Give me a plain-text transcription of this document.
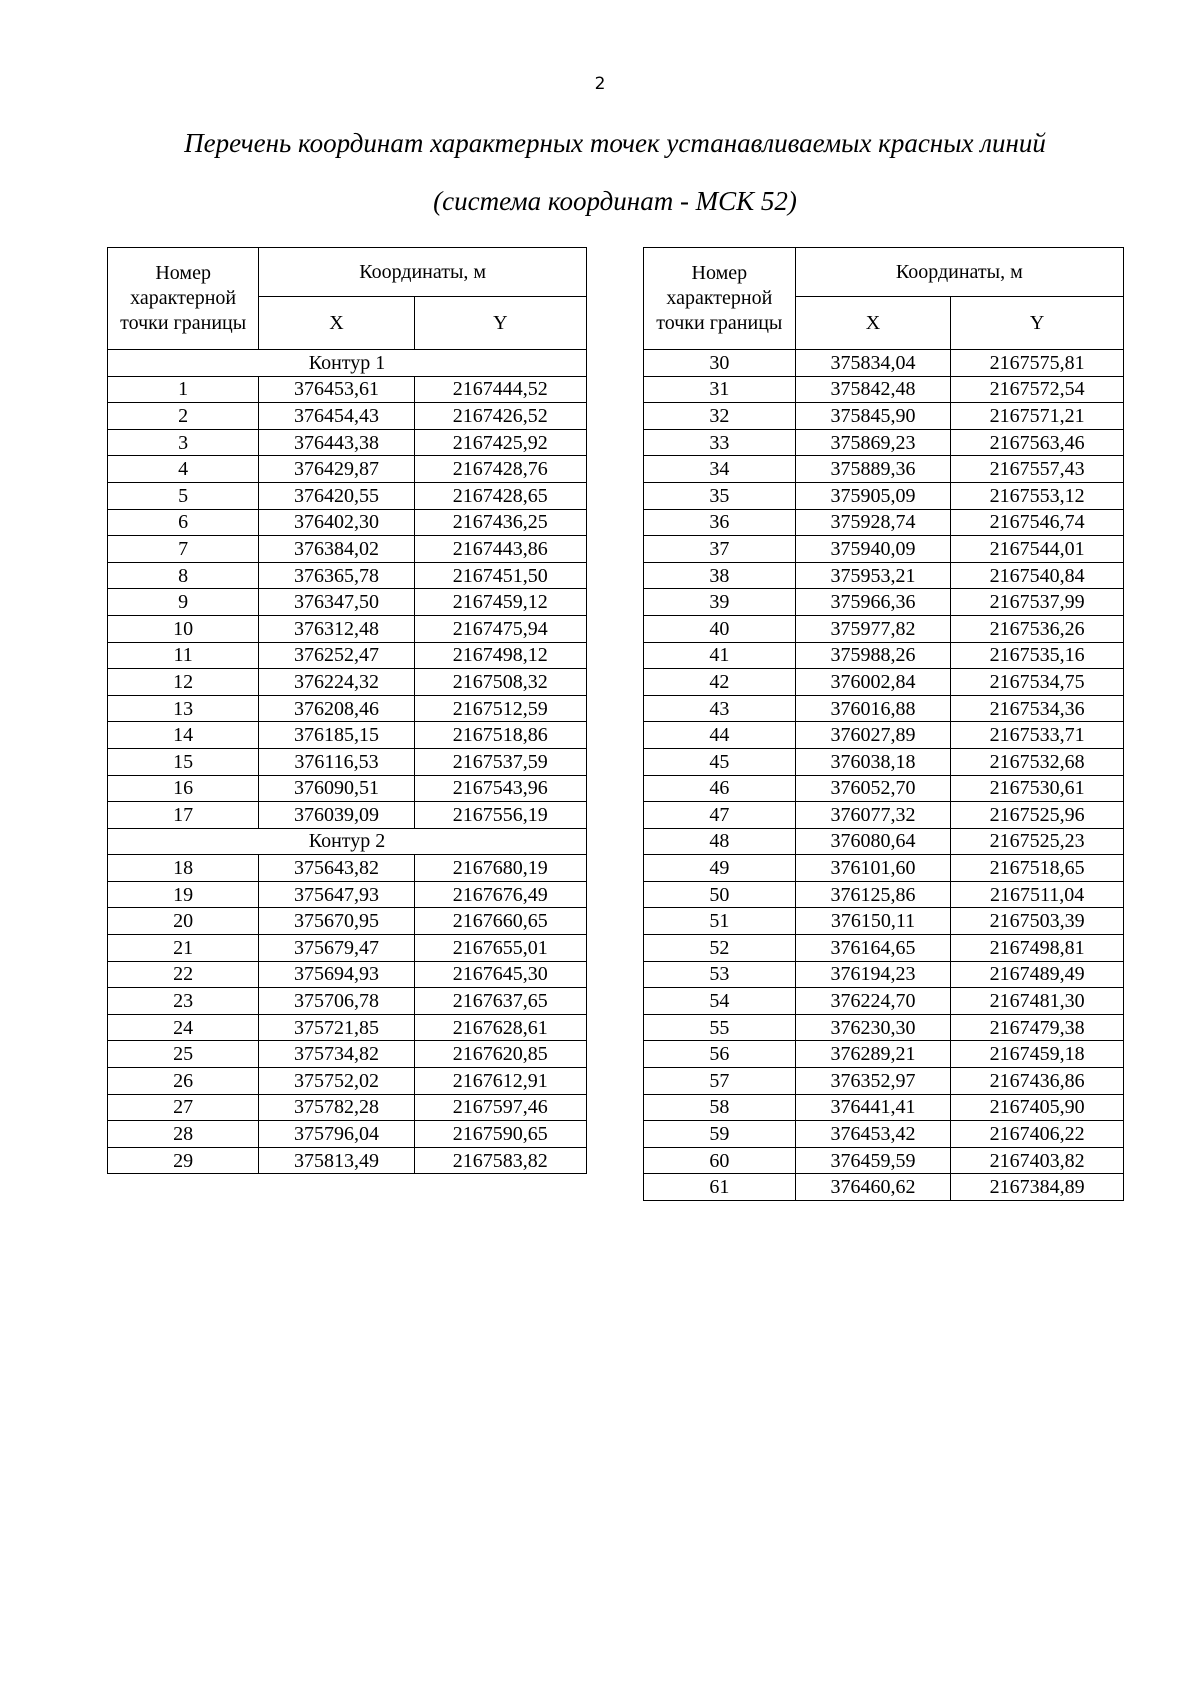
2
Перечень координат характерных точек устанавливаемых красных линий
(система координат - МСК 52)
Номер характерной точки границы	Координаты, м	
	X	Y
Контур 1		
1	376453,61	2167444,52
2	376454,43	2167426,52
3	376443,38	2167425,92
4	376429,87	2167428,76
5	376420,55	2167428,65
6	376402,30	2167436,25
7	376384,02	2167443,86
8	376365,78	2167451,50
9	376347,50	2167459,12
10	376312,48	2167475,94
11	376252,47	2167498,12
12	376224,32	2167508,32
13	376208,46	2167512,59
14	376185,15	2167518,86
15	376116,53	2167537,59
16	376090,51	2167543,96
17	376039,09	2167556,19
Контур 2		
18	375643,82	2167680,19
19	375647,93	2167676,49
20	375670,95	2167660,65
21	375679,47	2167655,01
22	375694,93	2167645,30
23	375706,78	2167637,65
24	375721,85	2167628,61
25	375734,82	2167620,85
26	375752,02	2167612,91
27	375782,28	2167597,46
28	375796,04	2167590,65
29	375813,49	2167583,82
Номер характерной точки границы	Координаты, м	
	X	Y
30	375834,04	2167575,81
31	375842,48	2167572,54
32	375845,90	2167571,21
33	375869,23	2167563,46
34	375889,36	2167557,43
35	375905,09	2167553,12
36	375928,74	2167546,74
37	375940,09	2167544,01
38	375953,21	2167540,84
39	375966,36	2167537,99
40	375977,82	2167536,26
41	375988,26	2167535,16
42	376002,84	2167534,75
43	376016,88	2167534,36
44	376027,89	2167533,71
45	376038,18	2167532,68
46	376052,70	2167530,61
47	376077,32	2167525,96
48	376080,64	2167525,23
49	376101,60	2167518,65
50	376125,86	2167511,04
51	376150,11	2167503,39
52	376164,65	2167498,81
53	376194,23	2167489,49
54	376224,70	2167481,30
55	376230,30	2167479,38
56	376289,21	2167459,18
57	376352,97	2167436,86
58	376441,41	2167405,90
59	376453,42	2167406,22
60	376459,59	2167403,82
61	376460,62	2167384,89
